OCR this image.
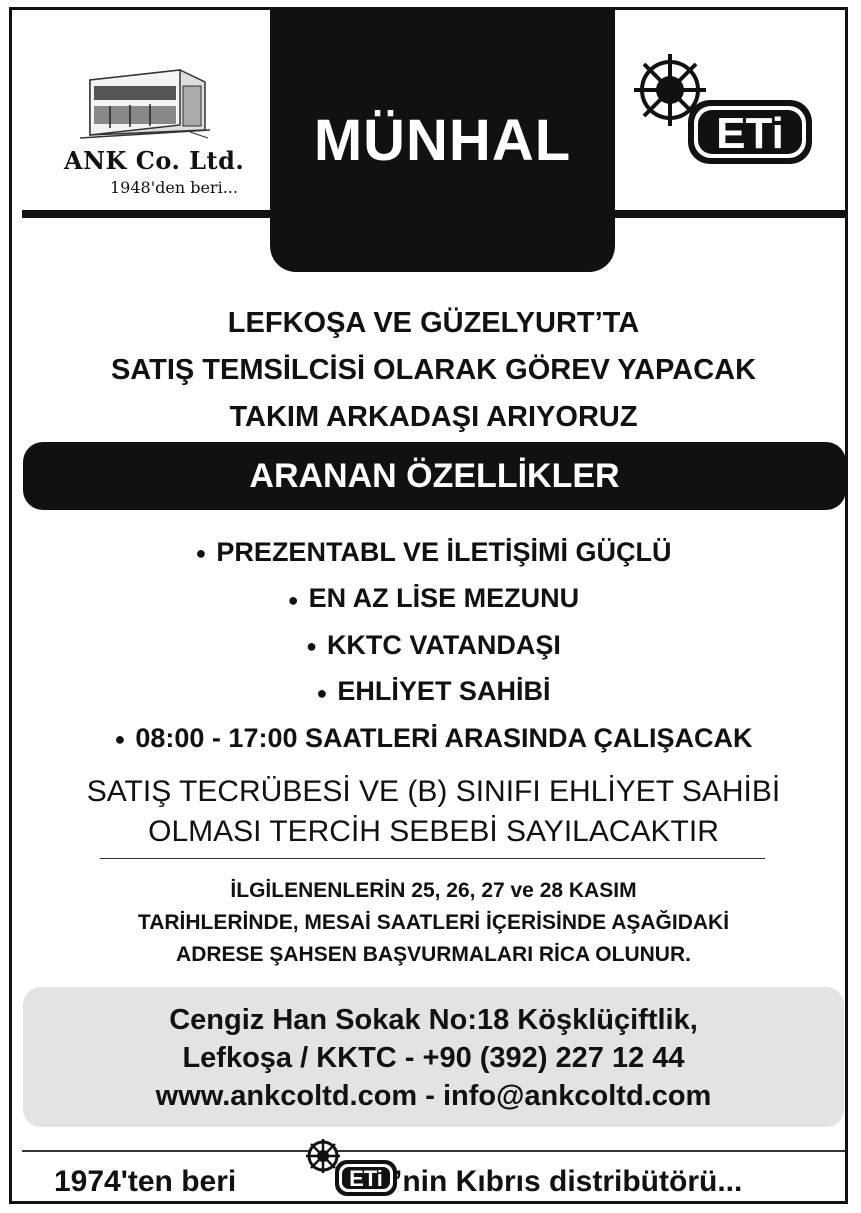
ANK Co. Ltd.
1948'den beri...
MÜNHAL	ETi
LEFKOŞA VE GÜZELYURT’TA
SATIŞ TEMSİLCİSİ OLARAK GÖREV YAPACAK
TAKIM ARKADAŞI ARIYORUZ
ARANAN ÖZELLİKLER
● PREZENTABL VE İLETİŞİMİ GÜÇLÜ
● EN AZ LİSE MEZUNU
● KKTC VATANDAŞI
● EHLİYET SAHİBİ
● 08:00 - 17:00 SAATLERİ ARASINDA ÇALIŞACAK
SATIŞ TECRÜBESİ VE (B) SINIFI EHLİYET SAHİBİ
OLMASI TERCİH SEBEBİ SAYILACAKTIR
İLGİLENENLERİN 25, 26, 27 ve 28 KASIM
TARİHLERİNDE, MESAİ SAATLERİ İÇERİSİNDE AŞAĞIDAKİ
ADRESE ŞAHSEN BAŞVURMALARI RİCA OLUNUR.
Cengiz Han Sokak No:18 Köşklüçiftlik,
Lefkoşa / KKTC - +90 (392) 227 12 44
www.ankcoltd.com - info@ankcoltd.com
1974'ten beri	ETi ’nin Kıbrıs distribütörü...
